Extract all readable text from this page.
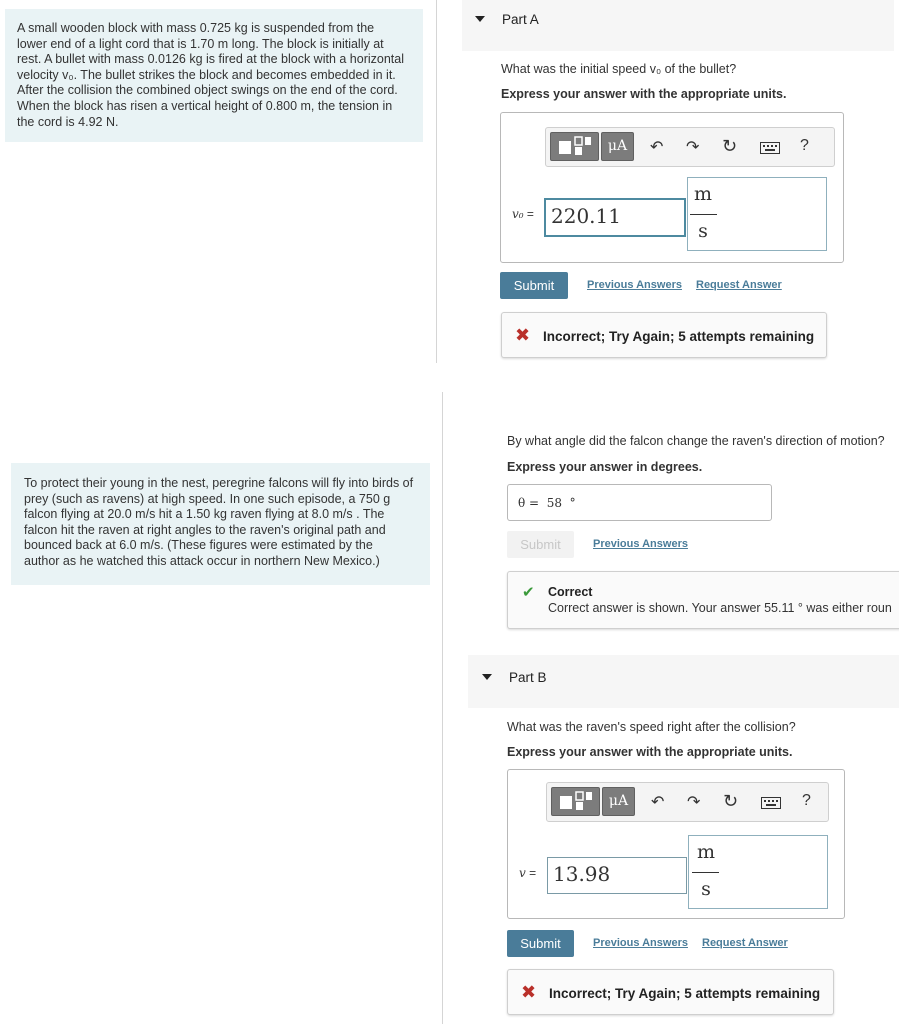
A small wooden block with mass 0.725 kg is suspended from the
lower end of a light cord that is 1.70 m long. The block is initially at
rest. A bullet with mass 0.0126 kg is fired at the block with a horizontal
velocity v₀. The bullet strikes the block and becomes embedded in it.
After the collision the combined object swings on the end of the cord.
When the block has risen a vertical height of 0.800 m, the tension in
the cord is 4.92 N.
Part A
What was the initial speed v₀ of the bullet?
Express your answer with the appropriate units.
μA	↶ ↷ ↻	?
v₀ = 220.11
m
s
Submit	Previous Answers Request Answer
✖ Incorrect; Try Again; 5 attempts remaining
To protect their young in the nest, peregrine falcons will fly into birds of
prey (such as ravens) at high speed. In one such episode, a 750 g
falcon flying at 20.0 m/s hit a 1.50 kg raven flying at 8.0 m/s . The
falcon hit the raven at right angles to the raven's original path and
bounced back at 6.0 m/s. (These figures were estimated by the
author as he watched this attack occur in northern New Mexico.)
By what angle did the falcon change the raven's direction of motion?
Express your answer in degrees.
θ =  58  °
Submit	Previous Answers
✔ Correct
Correct answer is shown. Your answer 55.11 ° was either roun
Part B
What was the raven's speed right after the collision?
Express your answer with the appropriate units.
μA	↶ ↷ ↻	?
v = 13.98
m
s
Submit	Previous Answers Request Answer
✖ Incorrect; Try Again; 5 attempts remaining
